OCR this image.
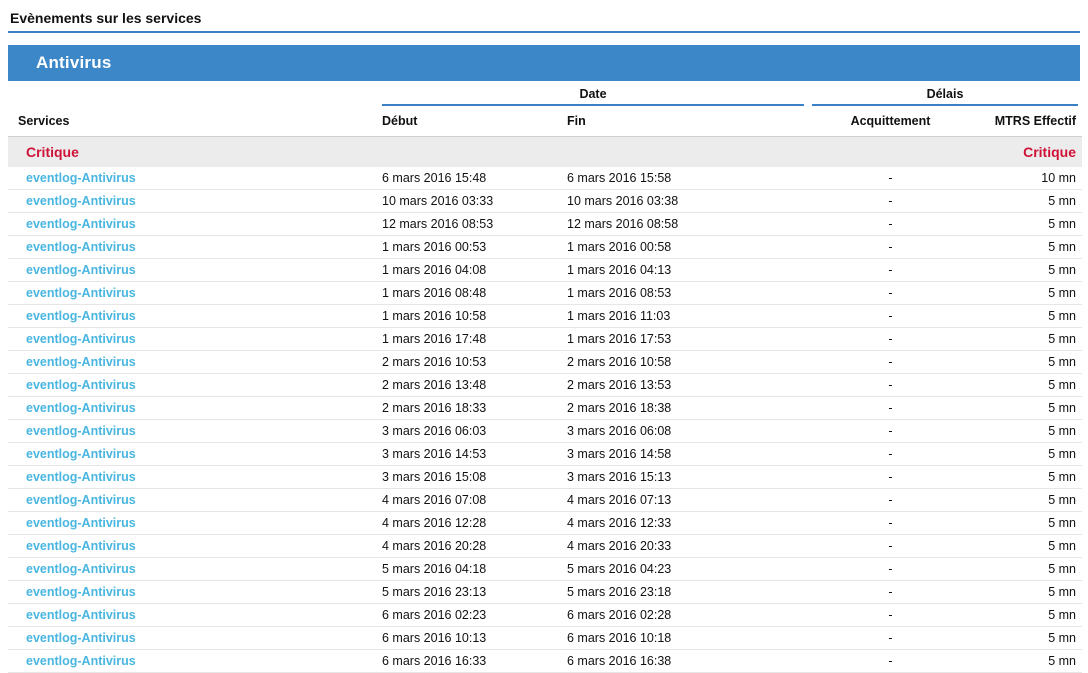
Evènements sur les services
Antivirus

	Date		Délais	

Services	Début	Fin	Acquittement	MTRS Effectif
Critique				Critique
eventlog-Antivirus	6 mars 2016 15:48	6 mars 2016 15:58	-	10 mn
eventlog-Antivirus	10 mars 2016 03:33	10 mars 2016 03:38	-	5 mn
eventlog-Antivirus	12 mars 2016 08:53	12 mars 2016 08:58	-	5 mn
eventlog-Antivirus	1 mars 2016 00:53	1 mars 2016 00:58	-	5 mn
eventlog-Antivirus	1 mars 2016 04:08	1 mars 2016 04:13	-	5 mn
eventlog-Antivirus	1 mars 2016 08:48	1 mars 2016 08:53	-	5 mn
eventlog-Antivirus	1 mars 2016 10:58	1 mars 2016 11:03	-	5 mn
eventlog-Antivirus	1 mars 2016 17:48	1 mars 2016 17:53	-	5 mn
eventlog-Antivirus	2 mars 2016 10:53	2 mars 2016 10:58	-	5 mn
eventlog-Antivirus	2 mars 2016 13:48	2 mars 2016 13:53	-	5 mn
eventlog-Antivirus	2 mars 2016 18:33	2 mars 2016 18:38	-	5 mn
eventlog-Antivirus	3 mars 2016 06:03	3 mars 2016 06:08	-	5 mn
eventlog-Antivirus	3 mars 2016 14:53	3 mars 2016 14:58	-	5 mn
eventlog-Antivirus	3 mars 2016 15:08	3 mars 2016 15:13	-	5 mn
eventlog-Antivirus	4 mars 2016 07:08	4 mars 2016 07:13	-	5 mn
eventlog-Antivirus	4 mars 2016 12:28	4 mars 2016 12:33	-	5 mn
eventlog-Antivirus	4 mars 2016 20:28	4 mars 2016 20:33	-	5 mn
eventlog-Antivirus	5 mars 2016 04:18	5 mars 2016 04:23	-	5 mn
eventlog-Antivirus	5 mars 2016 23:13	5 mars 2016 23:18	-	5 mn
eventlog-Antivirus	6 mars 2016 02:23	6 mars 2016 02:28	-	5 mn
eventlog-Antivirus	6 mars 2016 10:13	6 mars 2016 10:18	-	5 mn
eventlog-Antivirus	6 mars 2016 16:33	6 mars 2016 16:38	-	5 mn
